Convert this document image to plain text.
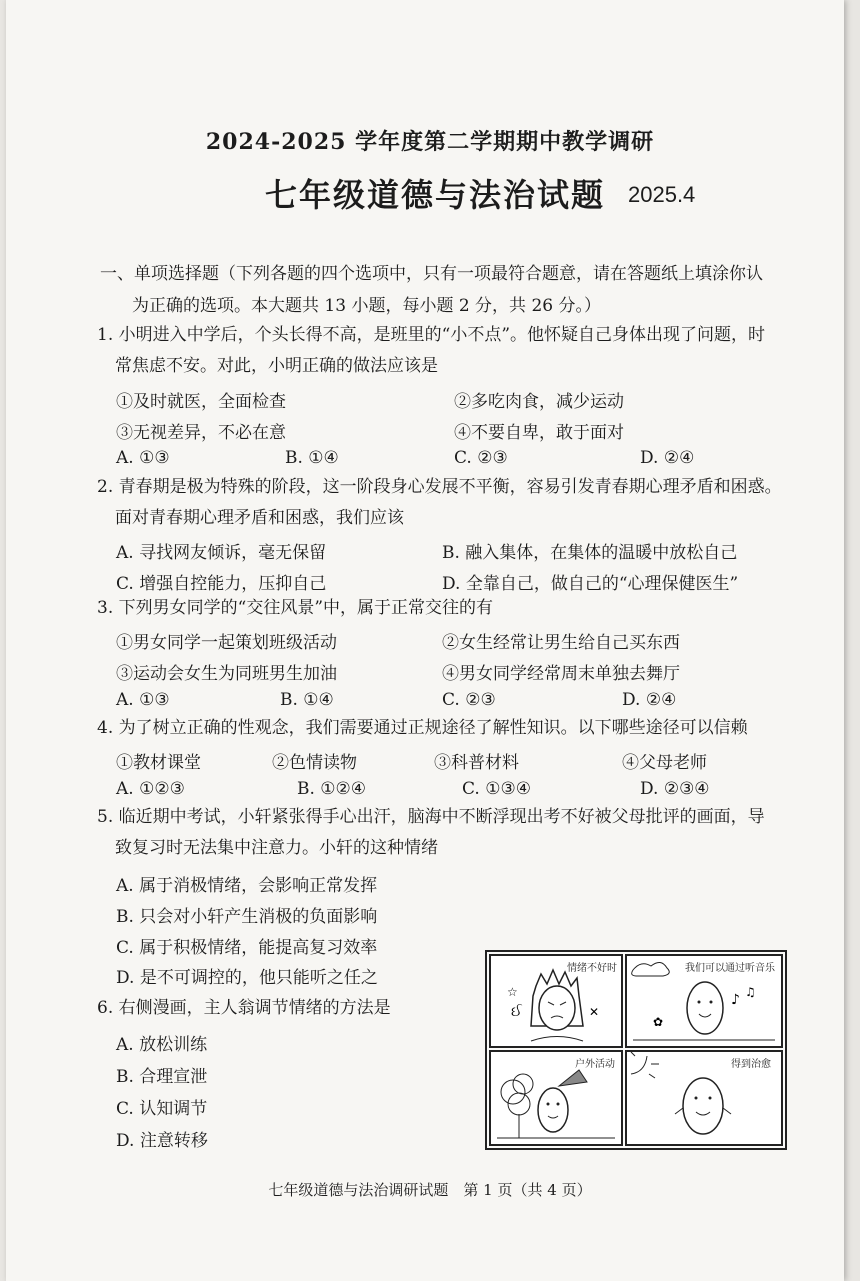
2024-2025 学年度第二学期期中教学调研
七年级道德与法治试题 2025.4
一、单项选择题（下列各题的四个选项中，只有一项最符合题意，请在答题纸上填涂你认
为正确的选项。本大题共 13 小题，每小题 2 分，共 26 分。）
1. 小明进入中学后，个头长得不高，是班里的“小不点”。他怀疑自己身体出现了问题，时
常焦虑不安。对此，小明正确的做法应该是
①及时就医，全面检查	②多吃肉食，减少运动
③无视差异，不必在意	④不要自卑，敢于面对
A. ①③	B. ①④	C. ②③	D. ②④
2. 青春期是极为特殊的阶段，这一阶段身心发展不平衡，容易引发青春期心理矛盾和困惑。
面对青春期心理矛盾和困惑，我们应该
A. 寻找网友倾诉，毫无保留	B. 融入集体，在集体的温暖中放松自己
C. 增强自控能力，压抑自己	D. 全靠自己，做自己的“心理保健医生”
3. 下列男女同学的“交往风景”中，属于正常交往的有
①男女同学一起策划班级活动	②女生经常让男生给自己买东西
③运动会女生为同班男生加油	④男女同学经常周末单独去舞厅
A. ①③	B. ①④	C. ②③	D. ②④
4. 为了树立正确的性观念，我们需要通过正规途径了解性知识。以下哪些途径可以信赖
①教材课堂	②色情读物	③科普材料	④父母老师
A. ①②③	B. ①②④	C. ①③④	D. ②③④
5. 临近期中考试，小轩紧张得手心出汗，脑海中不断浮现出考不好被父母批评的画面，导
致复习时无法集中注意力。小轩的这种情绪
A. 属于消极情绪，会影响正常发挥
B. 只会对小轩产生消极的负面影响
C. 属于积极情绪，能提高复习效率
D. 是不可调控的，他只能听之任之
6. 右侧漫画，主人翁调节情绪的方法是
A. 放松训练
B. 合理宣泄
C. 认知调节
D. 注意转移
情绪不好时
☆
ઈ	✕
我们可以通过听音乐
♪ ♫
✿
户外活动	得到治愈
七年级道德与法治调研试题　第 1 页（共 4 页）
